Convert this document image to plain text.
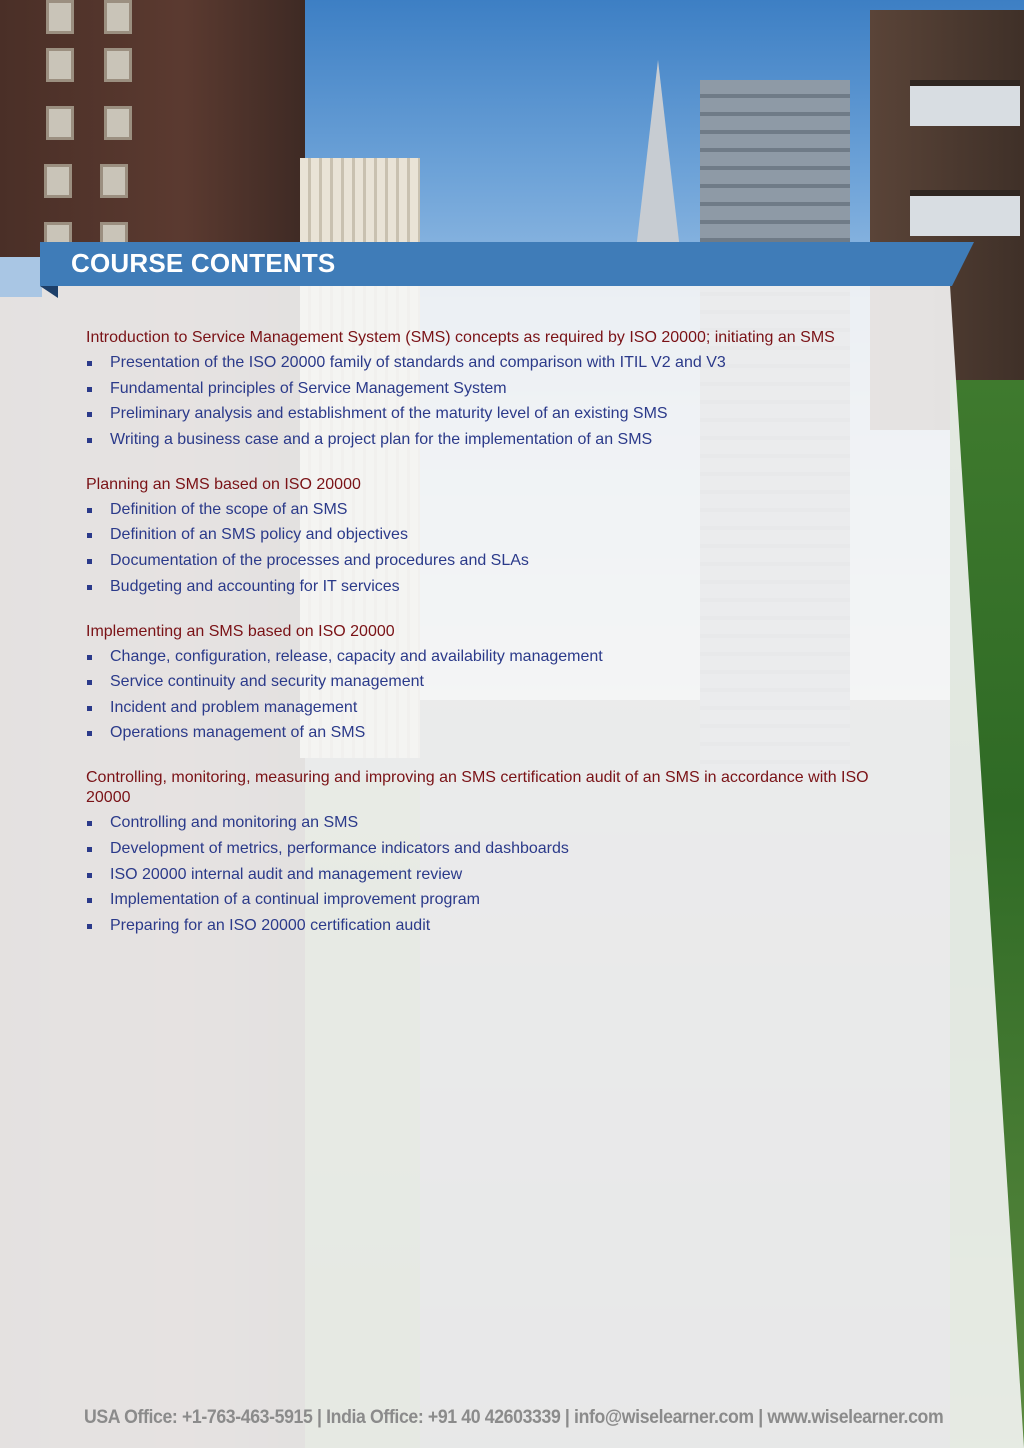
COURSE CONTENTS

Introduction to Service Management System (SMS) concepts as required by ISO 20000; initiating an SMS

Presentation of the ISO 20000 family of standards and comparison with ITIL V2 and V3
Fundamental principles of Service Management System
Preliminary analysis and establishment of the maturity level of an existing SMS
Writing a business case and a project plan for the implementation of an SMS

Planning an SMS based on ISO 20000

Definition of the scope of an SMS
Definition of an SMS policy and objectives
Documentation of the processes and procedures and SLAs
Budgeting and accounting for IT services

Implementing an SMS based on ISO 20000

Change, configuration, release, capacity and availability management
Service continuity and security management
Incident and problem management
Operations management of an SMS

Controlling, monitoring, measuring and improving an SMS certification audit of an SMS in accordance with ISO 20000

Controlling and monitoring an SMS
Development of metrics, performance indicators and dashboards
ISO 20000 internal audit and management review
Implementation of a continual improvement program
Preparing for an ISO 20000 certification audit
USA Office: +1-763-463-5915 | India Office: +91 40 42603339 | info@wiselearner.com | www.wiselearner.com
